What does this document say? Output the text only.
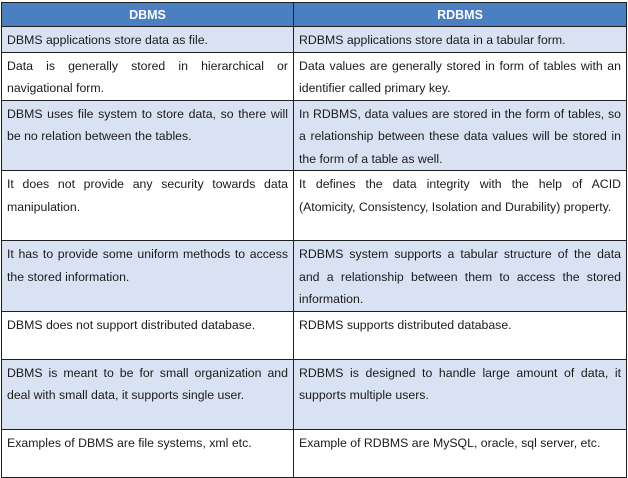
DBMS	RDBMS
DBMS applications store data as file.	RDBMS applications store data in a tabular form.
Data is generally stored in hierarchical or navigational form.	Data values are generally stored in form of tables with an identifier called primary key.
DBMS uses file system to store data, so there will be no relation between the tables.	In RDBMS, data values are stored in the form of tables, so a relationship between these data values will be stored in the form of a table as well.
It does not provide any security towards data manipulation.	It defines the data integrity with the help of ACID (Atomicity, Consistency, Isolation and Durability) property.
It has to provide some uniform methods to access the stored information.	RDBMS system supports a tabular structure of the data and a relationship between them to access the stored information.
DBMS does not support distributed database.	RDBMS supports distributed database.
DBMS is meant to be for small organization and deal with small data, it supports single user.	RDBMS is designed to handle large amount of data, it supports multiple users.
Examples of DBMS are file systems, xml etc.	Example of RDBMS are MySQL, oracle, sql server, etc.
